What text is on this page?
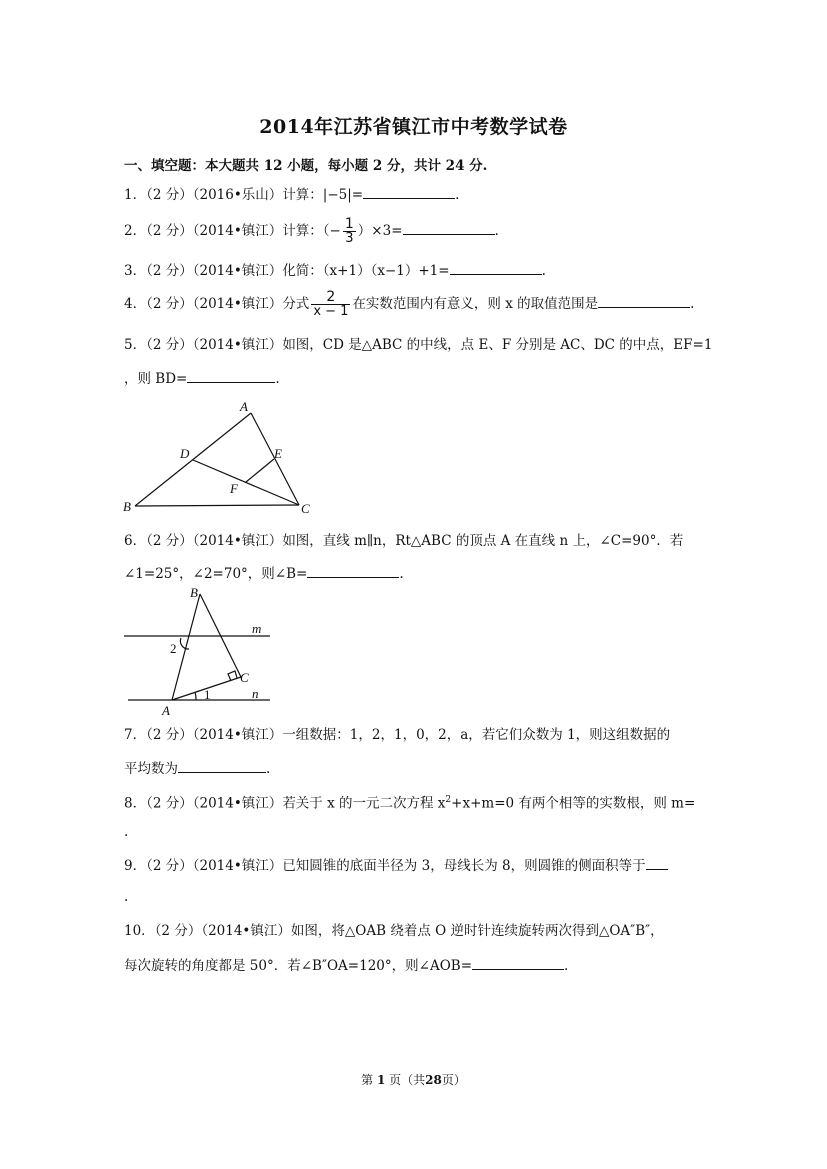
2014年江苏省镇江市中考数学试卷
一、填空题：本大题共 12 小题，每小题 2 分，共计 24 分.
1．（2 分）（2016•乐山）计算：|−5|=	.
2．（2 分）（2014•镇江）计算：（− $\frac{1}{3} )\times 3=$	.
3．（2 分）（2014•镇江）化简：（x+1）（x−1）+1=	.
4．（2 分）（2014•镇江）分式 $\frac{2}{x - 1}$ 在实数范围内有意义，则 x 的取值范围是	.
5．（2 分）（2014•镇江）如图，CD 是△ABC 的中线，点 E、F 分别是 AC、DC 的中点，EF=1
，则 BD=	.
A
D	E
F
B	C
6．（2 分）（2014•镇江）如图，直线 m∥n，Rt△ABC 的顶点 A 在直线 n 上，∠C=90°．若
∠1=25°，∠2=70°，则∠B=	.
B
m
2
C
1	n
A
7．（2 分）（2014•镇江）一组数据：1，2，1，0，2，a，若它们众数为 1，则这组数据的
平均数为	.
8．（2 分）（2014•镇江）若关于 x 的一元二次方程 $x^2+x+m=0$ 有两个相等的实数根，则 m=
.
9．（2 分）（2014•镇江）已知圆锥的底面半径为 3，母线长为 8，则圆锥的侧面积等于
.
10．（2 分）（2014•镇江）如图，将△OAB 绕着点 O 逆时针连续旋转两次得到△OA″B″，
每次旋转的角度都是 50°．若∠B″OA=120°，则∠AOB=	.
第 1 页（共28页）
